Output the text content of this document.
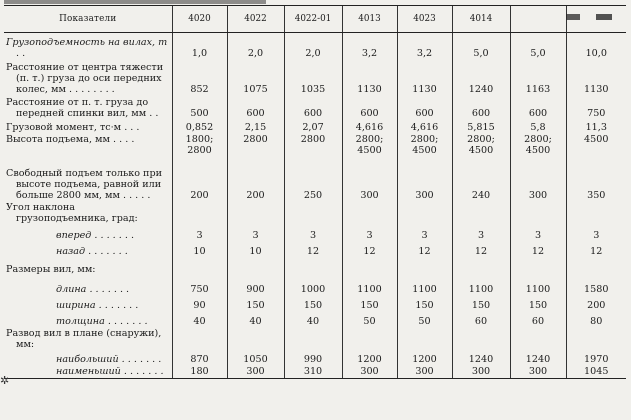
Показатели	4020	4022	4022-01	4013	4023	4014		
Грузоподъемность на вилах, т . .	1,0	2,0	2,0	3,2	3,2	5,0	5,0	10,0
Расстояние от центра тяжести (п. т.) груза до оси передних колес, мм . . . . . . . .	852	1075	1035	1130	1130	1240	1163	1130
Расстояние от п. т. груза до передней спинки вил, мм . .	500	600	600	600	600	600	600	750
Грузовой момент, тс·м . . .	0,852	2,15	2,07	4,616	4,616	5,815	5,8	11,3
Высота подъема, мм . . . .	1800; 2800	2800	2800	2800; 4500	2800; 4500	2800; 4500	2800; 4500	4500
Свободный подъем только при высоте подъема, равной или больше 2800 мм, мм . . . . .	200	200	250	300	300	240	300	350
Угол наклона грузоподъемника, град:								
вперед . . . . . . .	3	3	3	3	3	3	3	3
назад . . . . . . .	10	10	12	12	12	12	12	12
Размеры вил, мм:								
длина . . . . . . .	750	900	1000	1100	1100	1100	1100	1580
ширина . . . . . . .	90	150	150	150	150	150	150	200
толщина . . . . . . .	40	40	40	50	50	60	60	80
Развод вил в плане (снаружи), мм:								
наибольший . . . . . . .	870	1050	990	1200	1200	1240	1240	1970
наименьший . . . . . . .	180	300	310	300	300	300	300	1045
✲
